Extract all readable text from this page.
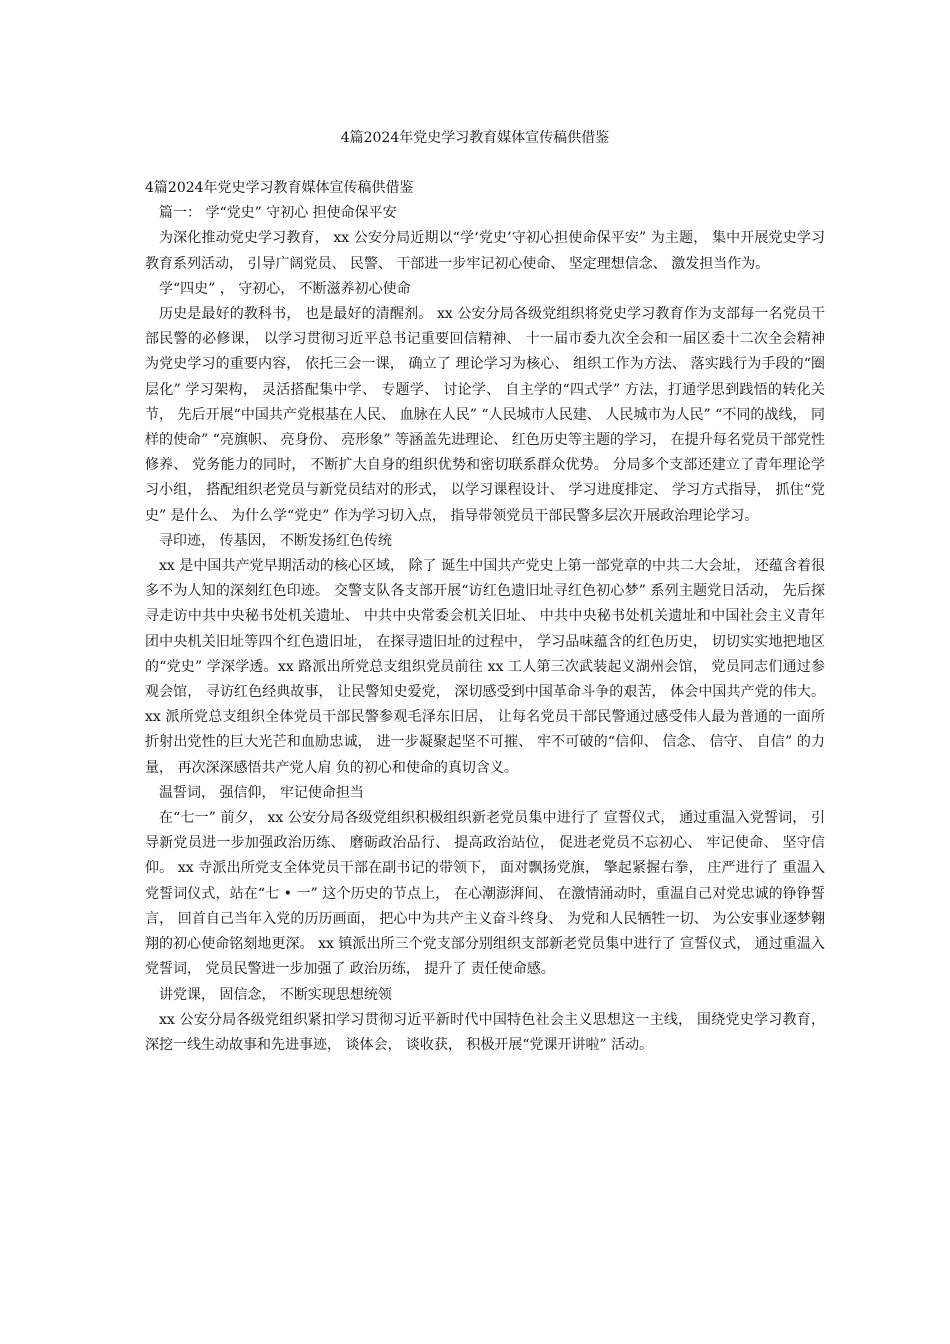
4篇2024年党史学习教育媒体宣传稿供借鉴

4篇2024年党史学习教育媒体宣传稿供借鉴

篇一： 学“党史” 守初心 担使命保平安

为深化推动党史学习教育， xx 公安分局近期以“学‘党史’守初心担使命保平安” 为主题， 集中开展党史学习教育系列活动， 引导广阔党员、 民警、 干部进一步牢记初心使命、 坚定理想信念、 激发担当作为。

学“四史” ， 守初心， 不断滋养初心使命

历史是最好的教科书， 也是最好的清醒剂。 xx 公安分局各级党组织将党史学习教育作为支部每一名党员干部民警的必修课， 以学习贯彻习近平总书记重要回信精神、 十一届市委九次全会和一届区委十二次全会精神为党史学习的重要内容， 依托三会一课， 确立了 理论学习为核心、 组织工作为方法、 落实践行为手段的“圈层化” 学习架构， 灵活搭配集中学、 专题学、 讨论学、 自主学的“四式学” 方法，打通学思到践悟的转化关节， 先后开展“中国共产党根基在人民、 血脉在人民” “人民城市人民建、 人民城市为人民” “不同的战线， 同样的使命” “亮旗帜、 亮身份、 亮形象” 等涵盖先进理论、 红色历史等主题的学习， 在提升每名党员干部党性修养、 党务能力的同时， 不断扩大自身的组织优势和密切联系群众优势。 分局多个支部还建立了青年理论学习小组， 搭配组织老党员与新党员结对的形式， 以学习课程设计、 学习进度排定、 学习方式指导， 抓住“党史” 是什么、 为什么学“党史” 作为学习切入点， 指导带领党员干部民警多层次开展政治理论学习。

寻印迹， 传基因， 不断发扬红色传统

xx 是中国共产党早期活动的核心区域， 除了 诞生中国共产党史上第一部党章的中共二大会址， 还蕴含着很多不为人知的深刻红色印迹。 交警支队各支部开展“访红色遗旧址寻红色初心梦” 系列主题党日活动， 先后探寻走访中共中央秘书处机关遗址、 中共中央常委会机关旧址、 中共中央秘书处机关遗址和中国社会主义青年团中央机关旧址等四个红色遗旧址， 在探寻遗旧址的过程中， 学习品味蕴含的红色历史， 切切实实地把地区的“党史” 学深学透。xx 路派出所党总支组织党员前往 xx 工人第三次武装起义湖州会馆， 党员同志们通过参观会馆， 寻访红色经典故事， 让民警知史爱党， 深切感受到中国革命斗争的艰苦， 体会中国共产党的伟大。 xx 派所党总支组织全体党员干部民警参观毛泽东旧居， 让每名党员干部民警通过感受伟人最为普通的一面所折射出党性的巨大光芒和血励忠诚， 进一步凝聚起坚不可摧、 牢不可破的“信仰、 信念、 信守、 自信” 的力量， 再次深深感悟共产党人肩 负的初心和使命的真切含义。

温誓词， 强信仰， 牢记使命担当

在“七一” 前夕， xx 公安分局各级党组织积极组织新老党员集中进行了 宣誓仪式， 通过重温入党誓词， 引导新党员进一步加强政治历练、 磨砺政治品行、 提高政治站位， 促进老党员不忘初心、 牢记使命、 坚守信仰。 xx 寺派出所党支全体党员干部在副书记的带领下， 面对飘扬党旗， 擎起紧握右拳， 庄严进行了 重温入党誓词仪式，站在“七 • 一” 这个历史的节点上， 在心潮澎湃间、 在激情涌动时，重温自己对党忠诚的铮铮誓言， 回首自己当年入党的历历画面， 把心中为共产主义奋斗终身、 为党和人民牺牲一切、 为公安事业逐梦翱翔的初心使命铭刻地更深。 xx 镇派出所三个党支部分别组织支部新老党员集中进行了 宣誓仪式， 通过重温入党誓词， 党员民警进一步加强了 政治历练， 提升了 责任使命感。

讲党课， 固信念， 不断实现思想统领

xx 公安分局各级党组织紧扣学习贯彻习近平新时代中国特色社会主义思想这一主线， 围绕党史学习教育， 深挖一线生动故事和先进事迹， 谈体会， 谈收获， 积极开展“党课开讲啦” 活动。
